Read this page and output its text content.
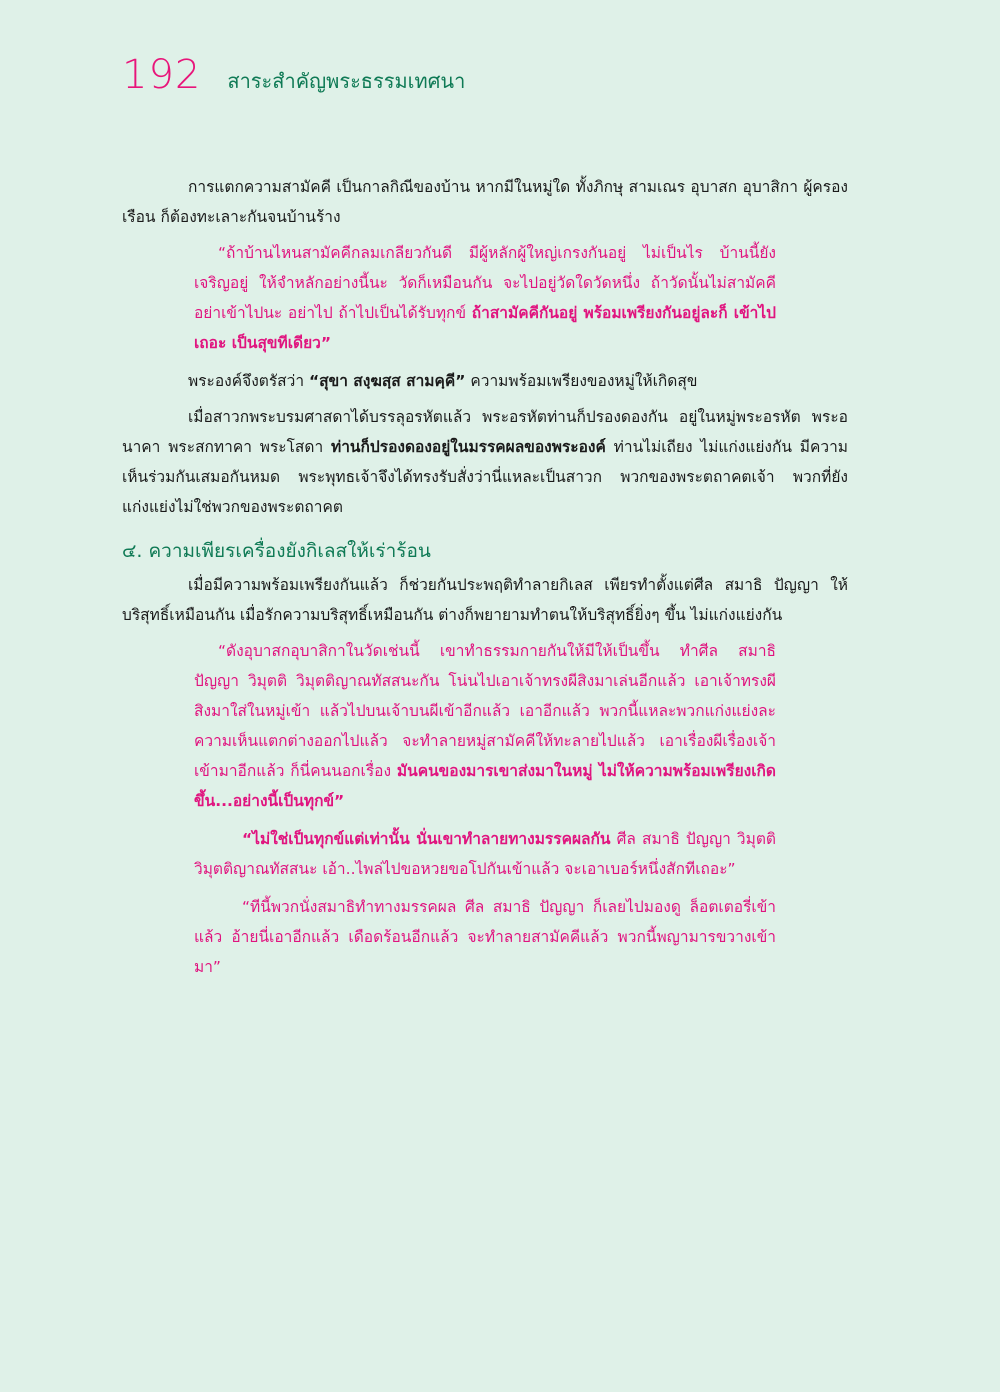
192 สาระสำคัญพระธรรมเทศนา

การแตกความสามัคคี เป็นกาลกิณีของบ้าน หากมีในหมู่ใด ทั้งภิกษุ สามเณร อุบาสก อุบาสิกา ผู้ครองเรือน ก็ต้องทะเลาะกันจนบ้านร้าง

“ถ้าบ้านไหนสามัคคีกลมเกลียวกันดี มีผู้หลักผู้ใหญ่เกรงกันอยู่ ไม่เป็นไร บ้านนี้ยังเจริญอยู่ ให้จำหลักอย่างนี้นะ วัดก็เหมือนกัน จะไปอยู่วัดใดวัดหนึ่ง ถ้าวัดนั้นไม่สามัคคี อย่าเข้าไปนะ อย่าไป ถ้าไปเป็นได้รับทุกข์ ถ้าสามัคคีกันอยู่ พร้อมเพรียงกันอยู่ละก็ เข้าไปเถอะ เป็นสุขทีเดียว”

พระองค์จึงตรัสว่า “สุขา สงฺฆสฺส สามคฺคี” ความพร้อมเพรียงของหมู่ให้เกิดสุข

เมื่อสาวกพระบรมศาสดาได้บรรลุอรหัตแล้ว พระอรหัตท่านก็ปรองดองกัน อยู่ในหมู่พระอรหัต พระอนาคา พระสกทาคา พระโสดา ท่านก็ปรองดองอยู่ในมรรคผลของพระองค์ ท่านไม่เถียง ไม่แก่งแย่งกัน มีความเห็นร่วมกันเสมอกันหมด พระพุทธเจ้าจึงได้ทรงรับสั่งว่านี่แหละเป็นสาวก พวกของพระตถาคตเจ้า พวกที่ยังแก่งแย่งไม่ใช่พวกของพระตถาคต

๔. ความเพียรเครื่องยังกิเลสให้เร่าร้อน

เมื่อมีความพร้อมเพรียงกันแล้ว ก็ช่วยกันประพฤติทำลายกิเลส เพียรทำตั้งแต่ศีล สมาธิ ปัญญา ให้บริสุทธิ์เหมือนกัน เมื่อรักความบริสุทธิ์เหมือนกัน ต่างก็พยายามทำตนให้บริสุทธิ์ยิ่งๆ ขึ้น ไม่แก่งแย่งกัน

“ดังอุบาสกอุบาสิกาในวัดเช่นนี้ เขาทำธรรมกายกันให้มีให้เป็นขึ้น ทำศีล สมาธิ ปัญญา วิมุตติ วิมุตติญาณทัสสนะกัน โน่นไปเอาเจ้าทรงผีสิงมาเล่นอีกแล้ว เอาเจ้าทรงผีสิงมาใส่ในหมู่เข้า แล้วไปบนเจ้าบนผีเข้าอีกแล้ว เอาอีกแล้ว พวกนี้แหละพวกแก่งแย่งละ ความเห็นแตกต่างออกไปแล้ว จะทำลายหมู่สามัคคีให้ทะลายไปแล้ว เอาเรื่องผีเรื่องเจ้าเข้ามาอีกแล้ว ก็นี่คนนอกเรื่อง มันคนของมารเขาส่งมาในหมู่ ไม่ให้ความพร้อมเพรียงเกิดขึ้น...อย่างนี้เป็นทุกข์”

“ไม่ใช่เป็นทุกข์แต่เท่านั้น นั่นเขาทำลายทางมรรคผลกัน ศีล สมาธิ ปัญญา วิมุตติ วิมุตติญาณทัสสนะ เอ้า..ไพล่ไปขอหวยขอโปกันเข้าแล้ว จะเอาเบอร์หนึ่งสักทีเถอะ”

“ทีนี้พวกนั่งสมาธิทำทางมรรคผล ศีล สมาธิ ปัญญา ก็เลยไปมองดู ล็อตเตอรี่เข้าแล้ว อ้ายนี่เอาอีกแล้ว เดือดร้อนอีกแล้ว จะทำลายสามัคคีแล้ว พวกนี้พญามารขวางเข้ามา”
